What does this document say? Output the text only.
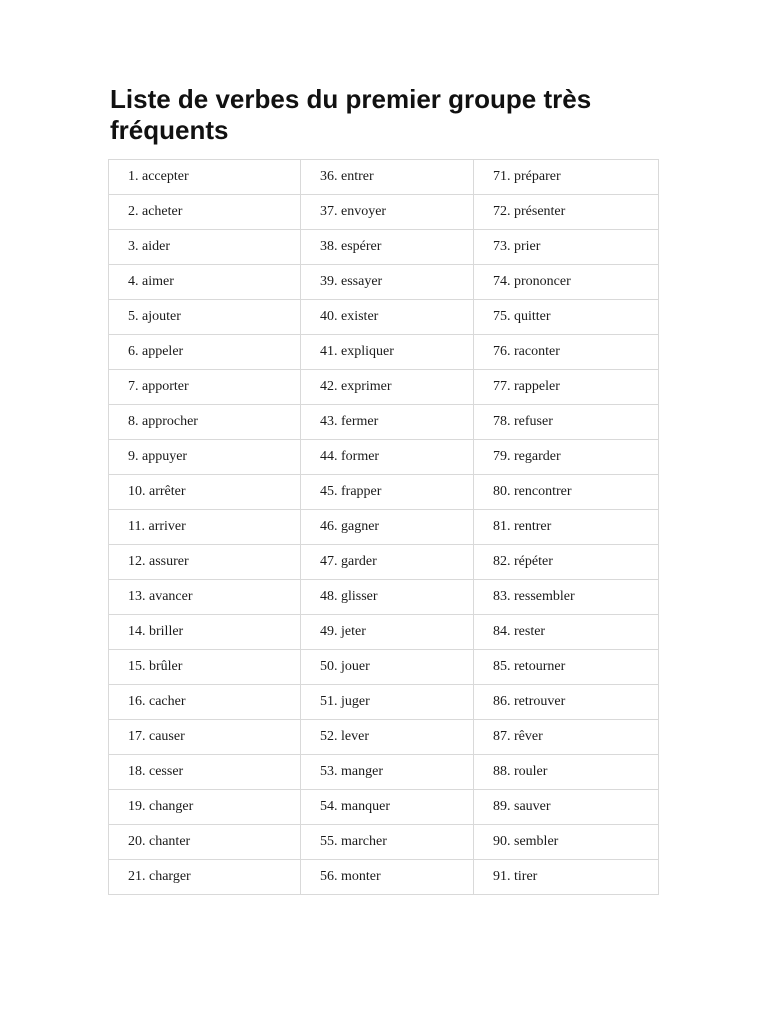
Liste de verbes du premier groupe très fréquents
1. accepter	36. entrer	71. préparer
2. acheter	37. envoyer	72. présenter
3. aider	38. espérer	73. prier
4. aimer	39. essayer	74. prononcer
5. ajouter	40. exister	75. quitter
6. appeler	41. expliquer	76. raconter
7. apporter	42. exprimer	77. rappeler
8. approcher	43. fermer	78. refuser
9. appuyer	44. former	79. regarder
10. arrêter	45. frapper	80. rencontrer
11. arriver	46. gagner	81. rentrer
12. assurer	47. garder	82. répéter
13. avancer	48. glisser	83. ressembler
14. briller	49. jeter	84. rester
15. brûler	50. jouer	85. retourner
16. cacher	51. juger	86. retrouver
17. causer	52. lever	87. rêver
18. cesser	53. manger	88. rouler
19. changer	54. manquer	89. sauver
20. chanter	55. marcher	90. sembler
21. charger	56. monter	91. tirer
